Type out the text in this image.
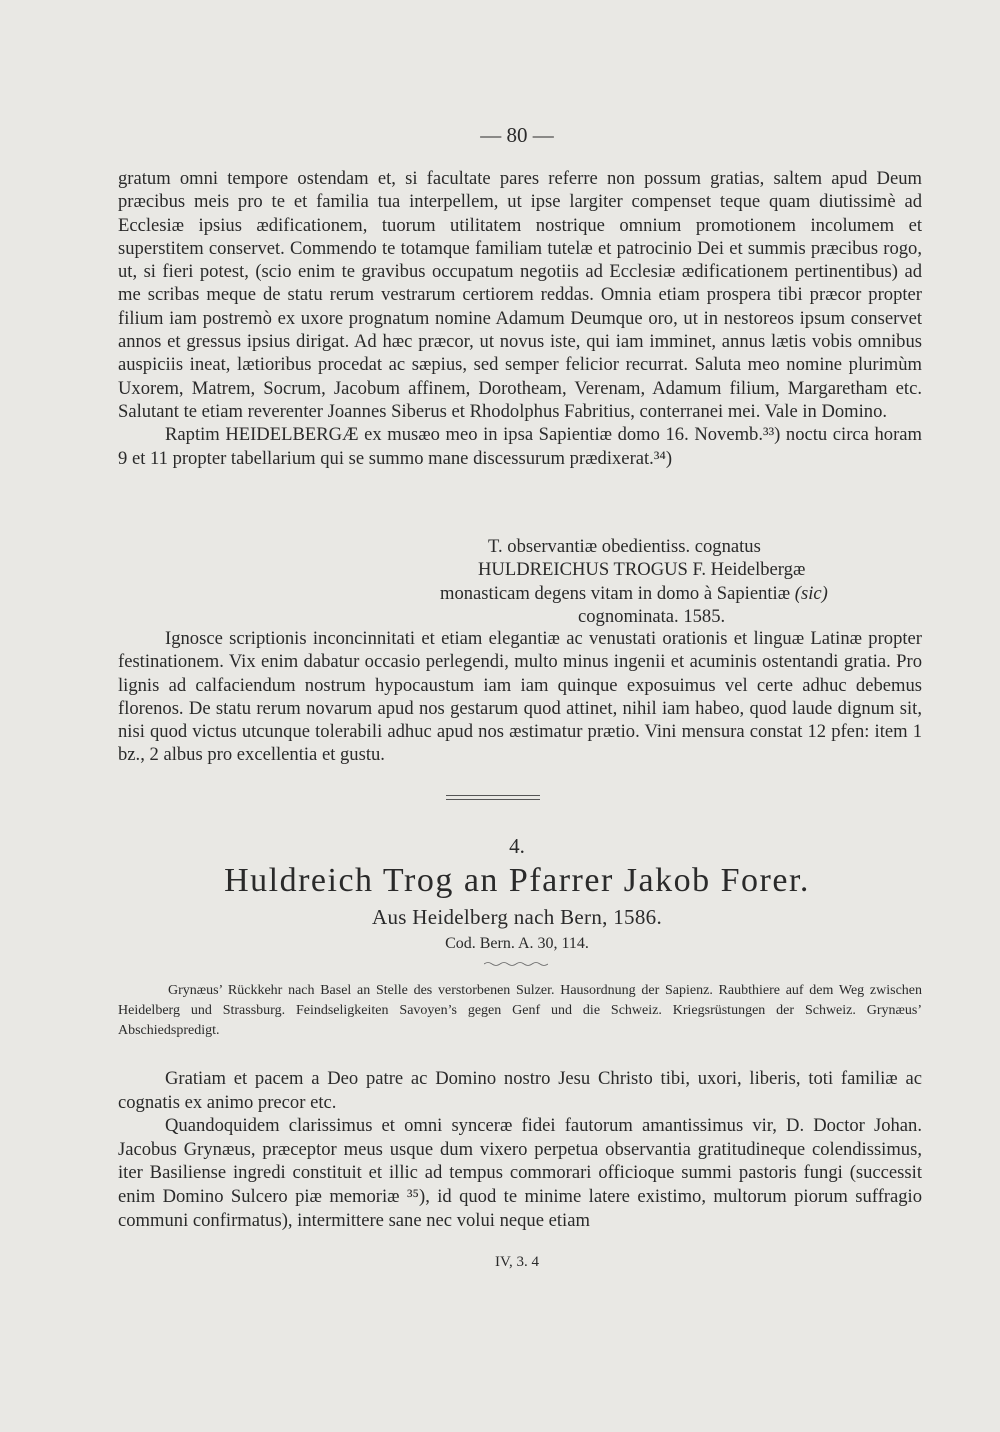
— 80 —

gratum omni tempore ostendam et, si facultate pares referre non possum gratias, saltem apud Deum præcibus meis pro te et familia tua interpellem, ut ipse largiter compenset teque quam diutissimè ad Ecclesiæ ipsius ædificationem, tuorum utilitatem nostrique omnium promotionem incolumem et superstitem conservet. Commendo te totamque familiam tutelæ et patrocinio Dei et summis præcibus rogo, ut, si fieri potest, (scio enim te gravibus occupatum negotiis ad Ecclesiæ ædificationem pertinentibus) ad me scribas meque de statu rerum vestrarum certiorem reddas. Omnia etiam prospera tibi præcor propter filium iam postremò ex uxore prognatum nomine Adamum Deumque oro, ut in nestoreos ipsum conservet annos et gressus ipsius dirigat. Ad hæc præcor, ut novus iste, qui iam imminet, annus lætis vobis omnibus auspiciis ineat, lætioribus procedat ac sæpius, sed semper felicior recurrat. Saluta meo nomine plurimùm Uxorem, Matrem, Socrum, Jacobum affinem, Dorotheam, Verenam, Adamum filium, Margaretham etc. Salutant te etiam reverenter Joannes Siberus et Rhodolphus Fabritius, conterranei mei. Vale in Domino.

Raptim HEIDELBERGÆ ex musæo meo in ipsa Sapientiæ domo 16. Novemb.³³) noctu circa horam 9 et 11 propter tabellarium qui se summo mane discessurum prædixerat.³⁴)

T. observantiæ obedientiss. cognatus
HULDREICHUS TROGUS F. Heidelbergæ
monasticam degens vitam in domo à Sapientiæ (sic)
cognominata. 1585.

Ignosce scriptionis inconcinnitati et etiam elegantiæ ac venustati orationis et linguæ Latinæ propter festinationem. Vix enim dabatur occasio perlegendi, multo minus ingenii et acuminis ostentandi gratia. Pro lignis ad calfaciendum nostrum hypocaustum iam iam quinque exposuimus vel certe adhuc debemus florenos. De statu rerum novarum apud nos gestarum quod attinet, nihil iam habeo, quod laude dignum sit, nisi quod victus utcunque tolerabili adhuc apud nos æstimatur prætio. Vini mensura constat 12 pfen: item 1 bz., 2 albus pro excellentia et gustu.

4.
Huldreich Trog an Pfarrer Jakob Forer.
Aus Heidelberg nach Bern, 1586.
Cod. Bern. A. 30, 114.

Grynæus’ Rückkehr nach Basel an Stelle des verstorbenen Sulzer. Hausordnung der Sapienz. Raubthiere auf dem Weg zwischen Heidelberg und Strassburg. Feindseligkeiten Savoyen’s gegen Genf und die Schweiz. Kriegsrüstungen der Schweiz. Grynæus’ Abschiedspredigt.

Gratiam et pacem a Deo patre ac Domino nostro Jesu Christo tibi, uxori, liberis, toti familiæ ac cognatis ex animo precor etc.

Quandoquidem clarissimus et omni synceræ fidei fautorum amantissimus vir, D. Doctor Johan. Jacobus Grynæus, præceptor meus usque dum vixero perpetua observantia gratitudineque colendissimus, iter Basiliense ingredi constituit et illic ad tempus commorari officioque summi pastoris fungi (successit enim Domino Sulcero piæ memoriæ ³⁵), id quod te minime latere existimo, multorum piorum suffragio communi confirmatus), intermittere sane nec volui neque etiam

IV, 3. 4
